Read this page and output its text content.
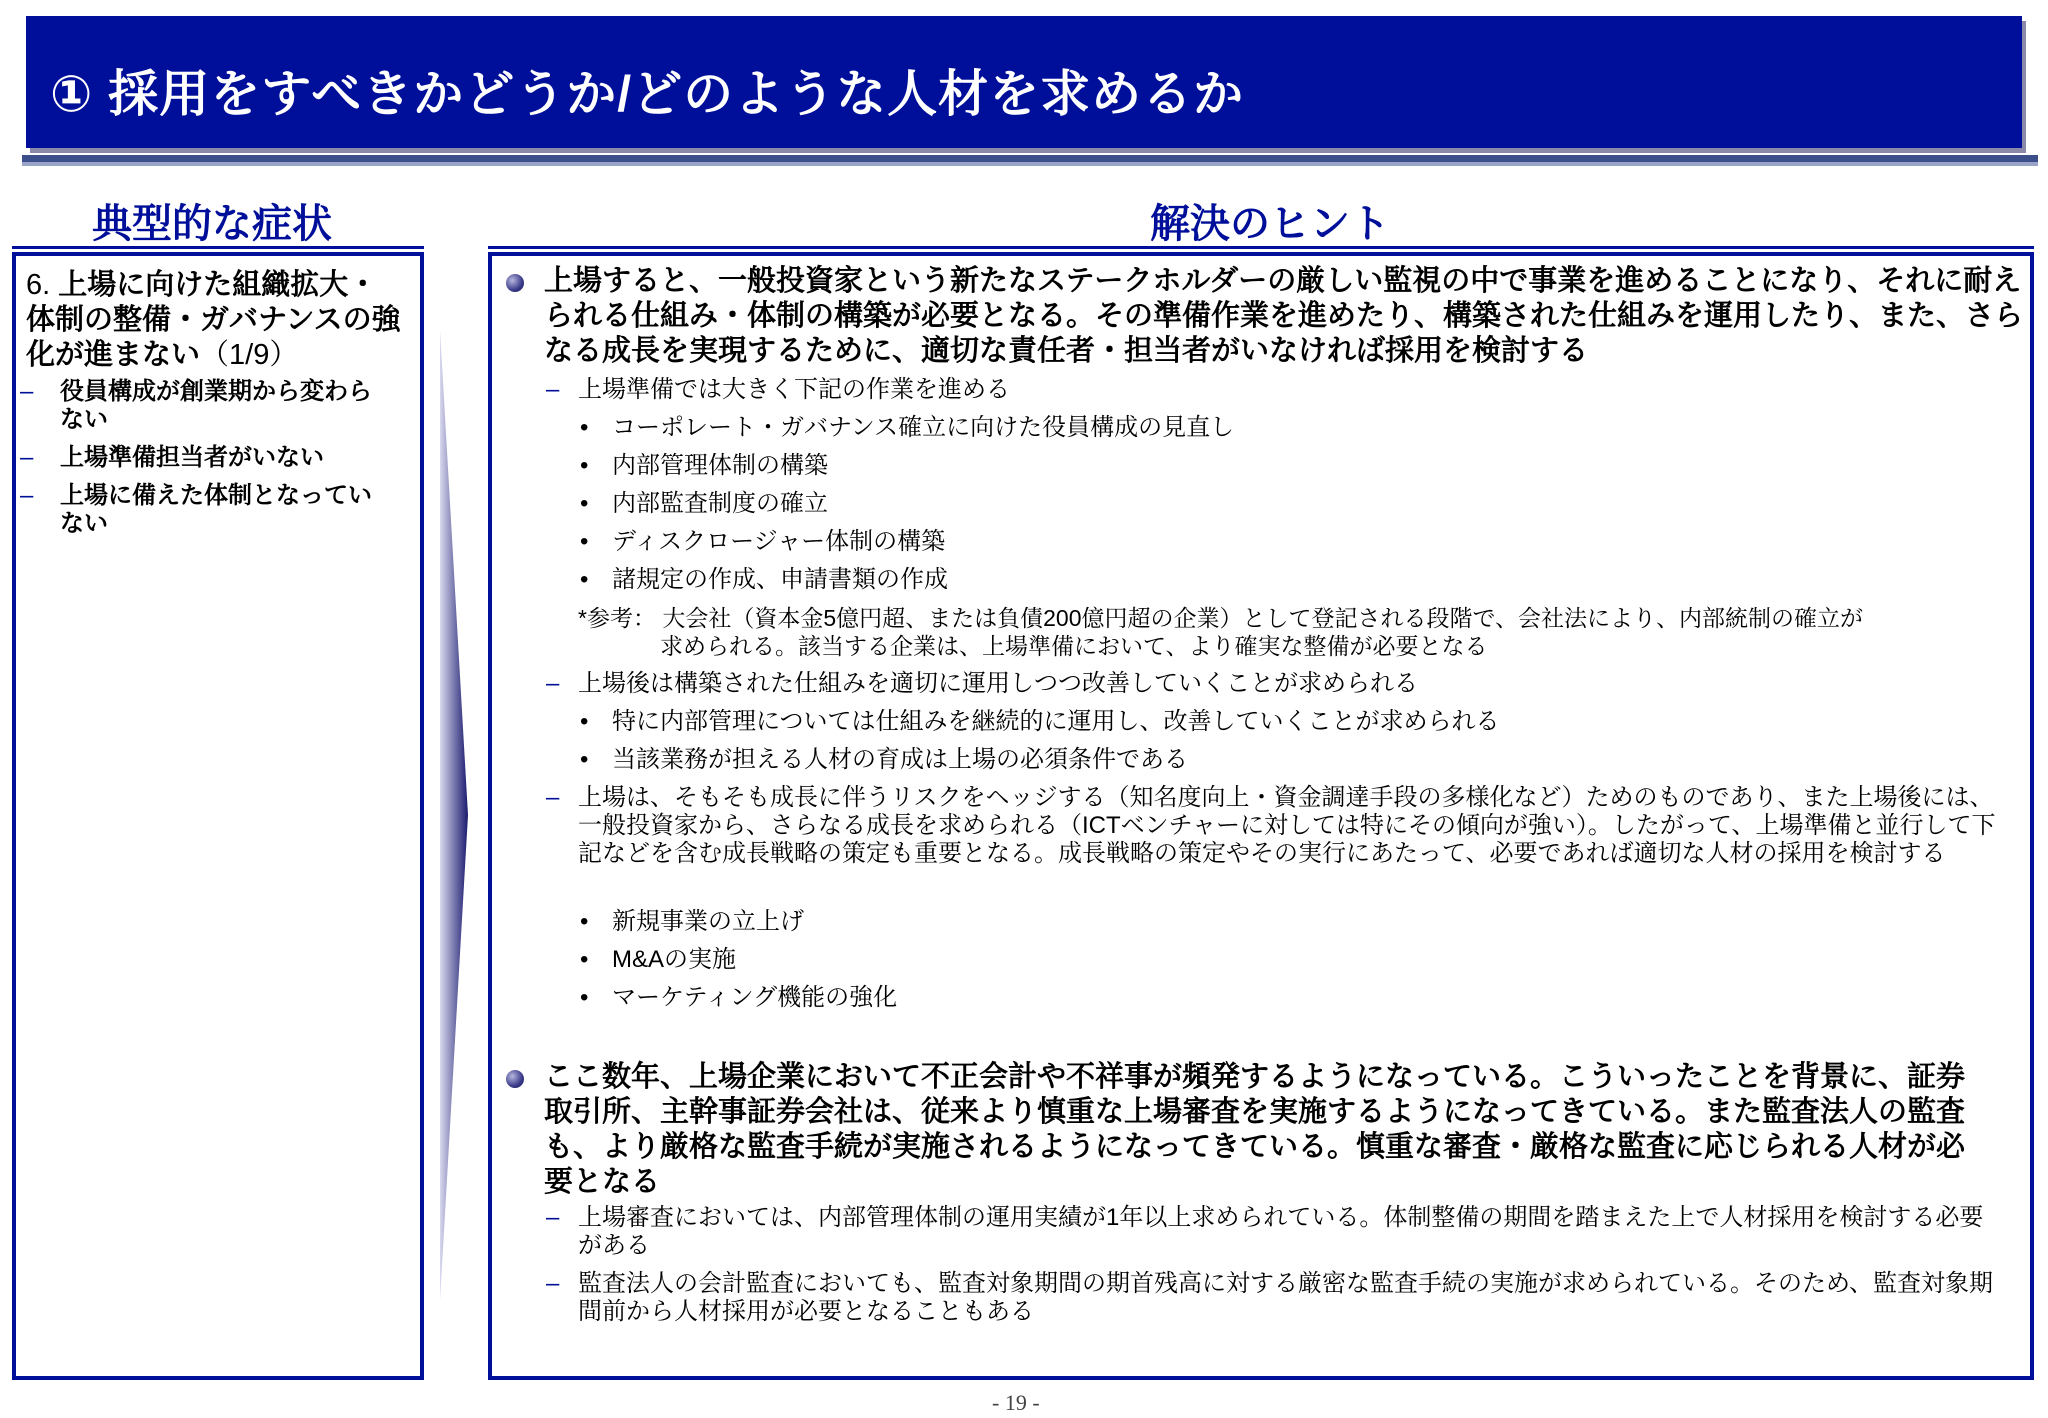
① 採用をすべきかどうか/どのような人材を求めるか
典型的な症状	解決のヒント
6. 上場に向けた組織拡大・体制の整備・ガバナンスの強化が進まない（1/9）
– 役員構成が創業期から変わらない
– 上場準備担当者がいない
– 上場に備えた体制となっていない
上場すると、一般投資家という新たなステークホルダーの厳しい監視の中で事業を進めることになり、それに耐えられる仕組み・体制の構築が必要となる。その準備作業を進めたり、構築された仕組みを運用したり、また、さらなる成長を実現するために、適切な責任者・担当者がいなければ採用を検討する
– 上場準備では大きく下記の作業を進める
• コーポレート・ガバナンス確立に向けた役員構成の見直し
• 内部管理体制の構築
• 内部監査制度の確立
• ディスクロージャー体制の構築
• 諸規定の作成、申請書類の作成
*参考： 大会社（資本金5億円超、または負債200億円超の企業）として登記される段階で、会社法により、内部統制の確立が
求められる。該当する企業は、上場準備において、より確実な整備が必要となる
– 上場後は構築された仕組みを適切に運用しつつ改善していくことが求められる
• 特に内部管理については仕組みを継続的に運用し、改善していくことが求められる
• 当該業務が担える人材の育成は上場の必須条件である
– 上場は、そもそも成長に伴うリスクをヘッジする（知名度向上・資金調達手段の多様化など）ためのものであり、また上場後には、一般投資家から、さらなる成長を求められる（ICTベンチャーに対しては特にその傾向が強い）。したがって、上場準備と並行して下記などを含む成長戦略の策定も重要となる。成長戦略の策定やその実行にあたって、必要であれば適切な人材の採用を検討する
• 新規事業の立上げ
• M&Aの実施
• マーケティング機能の強化
ここ数年、上場企業において不正会計や不祥事が頻発するようになっている。こういったことを背景に、証券取引所、主幹事証券会社は、従来より慎重な上場審査を実施するようになってきている。また監査法人の監査も、より厳格な監査手続が実施されるようになってきている。慎重な審査・厳格な監査に応じられる人材が必要となる
– 上場審査においては、内部管理体制の運用実績が1年以上求められている。体制整備の期間を踏まえた上で人材採用を検討する必要がある
– 監査法人の会計監査においても、監査対象期間の期首残高に対する厳密な監査手続の実施が求められている。そのため、監査対象期間前から人材採用が必要となることもある
- 19 -
